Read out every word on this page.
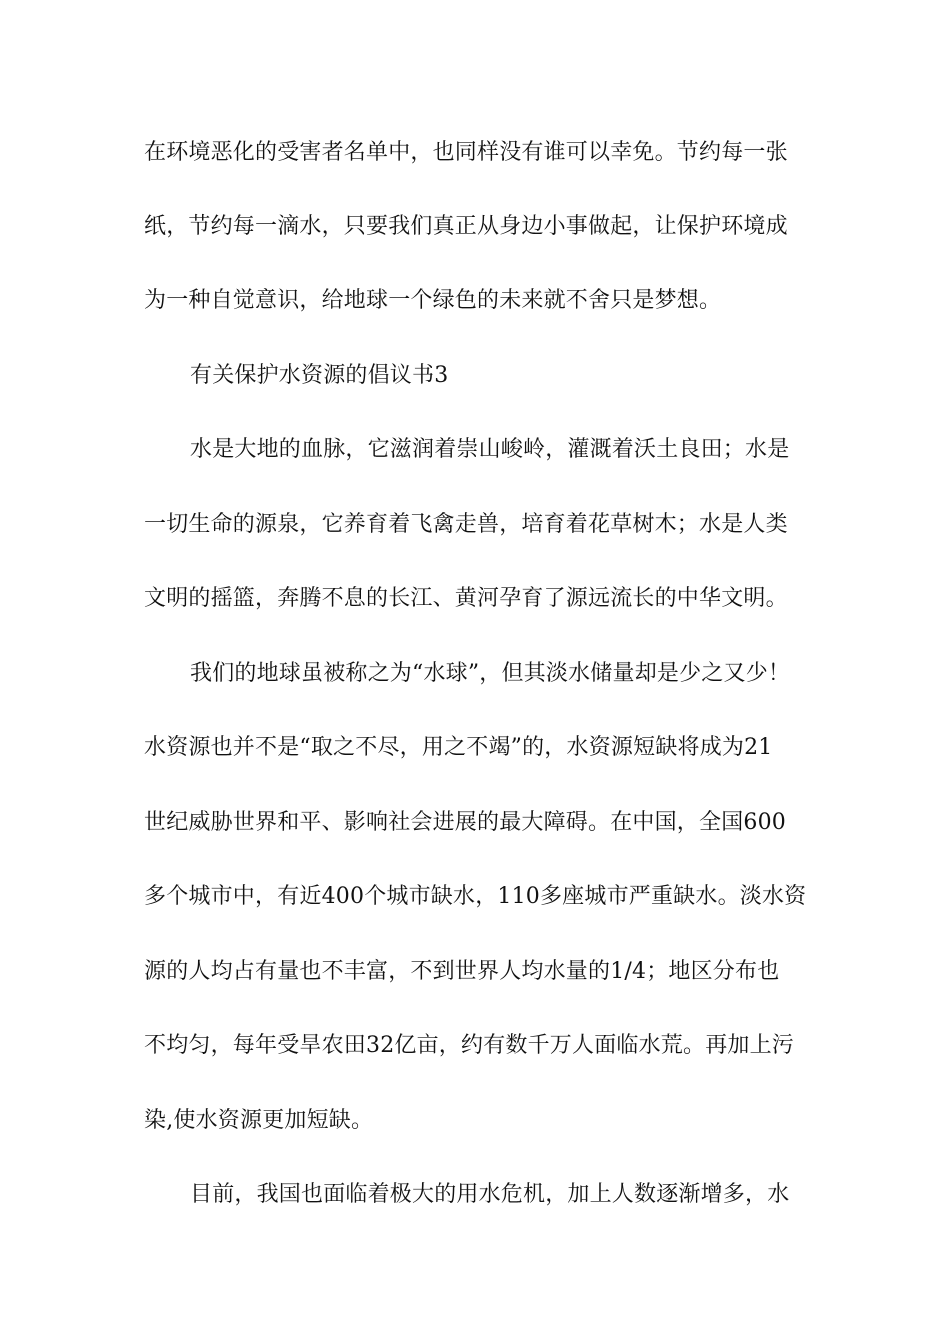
在环境恶化的受害者名单中，也同样没有谁可以幸免。节约每一张
纸，节约每一滴水，只要我们真正从身边小事做起，让保护环境成
为一种自觉意识，给地球一个绿色的未来就不舍只是梦想。
有关保护水资源的倡议书3
水是大地的血脉，它滋润着崇山峻岭，灌溉着沃土良田；水是
一切生命的源泉，它养育着飞禽走兽，培育着花草树木；水是人类
文明的摇篮，奔腾不息的长江、黄河孕育了源远流长的中华文明。
我们的地球虽被称之为“水球”，但其淡水储量却是少之又少！
水资源也并不是“取之不尽，用之不竭”的，水资源短缺将成为21
世纪威胁世界和平、影响社会进展的最大障碍。在中国，全国600
多个城市中，有近400个城市缺水，110多座城市严重缺水。淡水资
源的人均占有量也不丰富，不到世界人均水量的1/4；地区分布也
不均匀，每年受旱农田32亿亩，约有数千万人面临水荒。再加上污
染,使水资源更加短缺。
目前，我国也面临着极大的用水危机，加上人数逐渐增多，水
